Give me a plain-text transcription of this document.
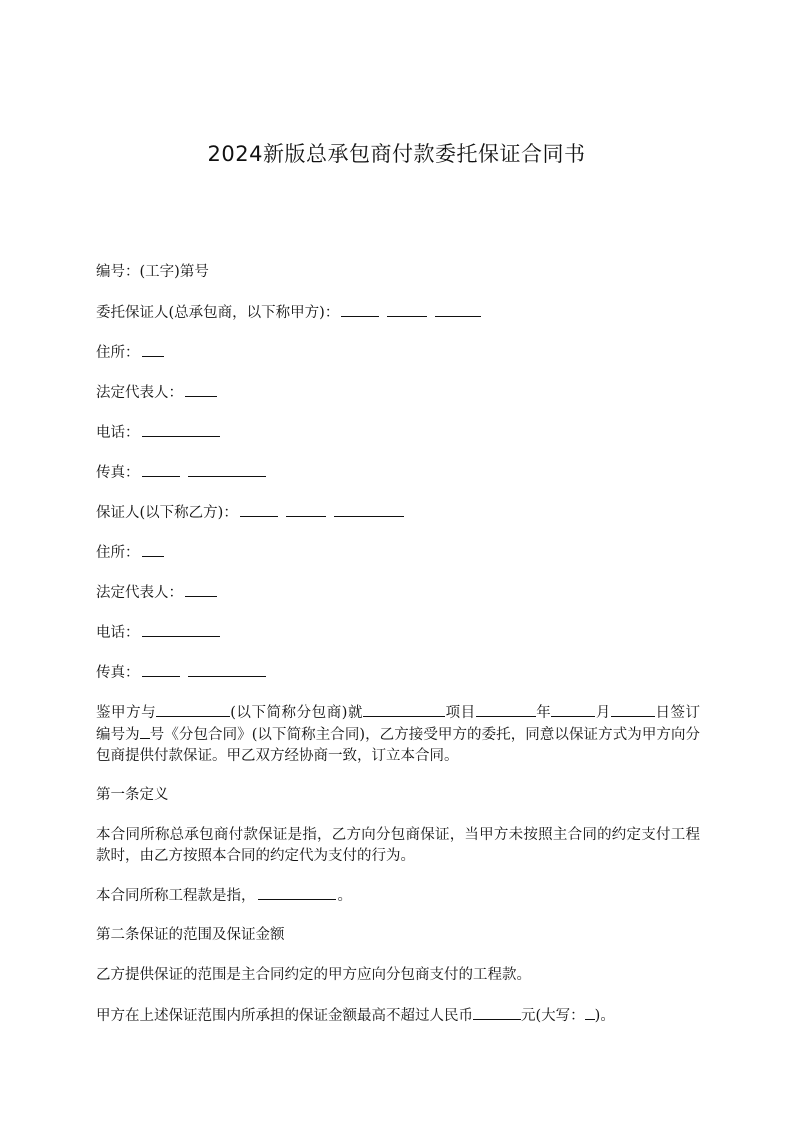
2024新版总承包商付款委托保证合同书
编号：(工字)第号
委托保证人(总承包商，以下称甲方)：
住所：
法定代表人：
电话：
传真：
保证人(以下称乙方)：
住所：
法定代表人：
电话：
传真：
鉴甲方与	(以下简称分包商)就	项目	年	月	日签订编号为 号《分包合同》(以下简称主合同)，乙方接受甲方的委托，同意以保证方式为甲方向分包商提供付款保证。甲乙双方经协商一致，订立本合同。
第一条定义
本合同所称总承包商付款保证是指，乙方向分包商保证，当甲方未按照主合同的约定支付工程款时，由乙方按照本合同的约定代为支付的行为。
本合同所称工程款是指，	。
第二条保证的范围及保证金额
乙方提供保证的范围是主合同约定的甲方应向分包商支付的工程款。
甲方在上述保证范围内所承担的保证金额最高不超过人民币	元(大写： )。
